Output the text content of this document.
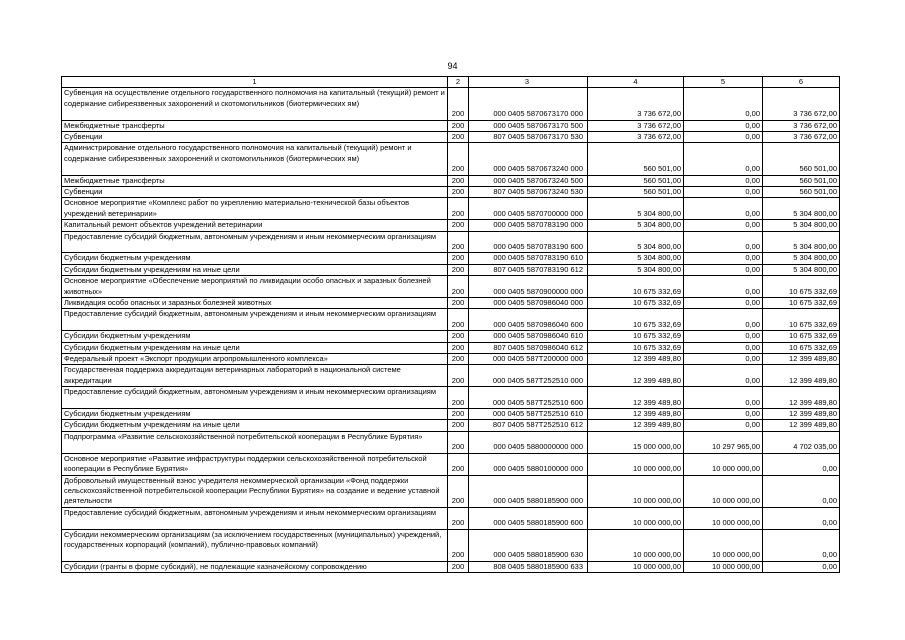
94
1	2	3	4	5	6
Субвенция на осуществление отдельного государственного полномочия на капитальный (текущий) ремонт и содержание сибиреязвенных захоронений и скотомогильников (биотермических ям)	200	000 0405 5870673170 000	3 736 672,00	0,00	3 736 672,00
Межбюджетные трансферты	200	000 0405 5870673170 500	3 736 672,00	0,00	3 736 672,00
Субвенции	200	807 0405 5870673170 530	3 736 672,00	0,00	3 736 672,00
Администрирование отдельного государственного полномочия на капитальный (текущий) ремонт и содержание сибиреязвенных захоронений и скотомогильников (биотермических ям)	200	000 0405 5870673240 000	560 501,00	0,00	560 501,00
Межбюджетные трансферты	200	000 0405 5870673240 500	560 501,00	0,00	560 501,00
Субвенции	200	807 0405 5870673240 530	560 501,00	0,00	560 501,00
Основное мероприятие «Комплекс работ по укреплению материально-технической базы объектов учреждений ветеринарии»	200	000 0405 5870700000 000	5 304 800,00	0,00	5 304 800,00
Капитальный ремонт объектов учреждений ветеринарии	200	000 0405 5870783190 000	5 304 800,00	0,00	5 304 800,00
Предоставление субсидий бюджетным, автономным учреждениям и иным некоммерческим организациям	200	000 0405 5870783190 600	5 304 800,00	0,00	5 304 800,00
Субсидии бюджетным учреждениям	200	000 0405 5870783190 610	5 304 800,00	0,00	5 304 800,00
Субсидии бюджетным учреждениям на иные цели	200	807 0405 5870783190 612	5 304 800,00	0,00	5 304 800,00
Основное мероприятие «Обеспечение мероприятий по ликвидации особо опасных и заразных болезней животных»	200	000 0405 5870900000 000	10 675 332,69	0,00	10 675 332,69
Ликвидация особо опасных и заразных болезней животных	200	000 0405 5870986040 000	10 675 332,69	0,00	10 675 332,69
Предоставление субсидий бюджетным, автономным учреждениям и иным некоммерческим организациям	200	000 0405 5870986040 600	10 675 332,69	0,00	10 675 332,69
Субсидии бюджетным учреждениям	200	000 0405 5870986040 610	10 675 332,69	0,00	10 675 332,69
Субсидии бюджетным учреждениям на иные цели	200	807 0405 5870986040 612	10 675 332,69	0,00	10 675 332,69
Федеральный проект «Экспорт продукции агропромышленного комплекса»	200	000 0405 587T200000 000	12 399 489,80	0,00	12 399 489,80
Государственная поддержка аккредитации ветеринарных лабораторий в национальной системе аккредитации	200	000 0405 587T252510 000	12 399 489,80	0,00	12 399 489,80
Предоставление субсидий бюджетным, автономным учреждениям и иным некоммерческим организациям	200	000 0405 587T252510 600	12 399 489,80	0,00	12 399 489,80
Субсидии бюджетным учреждениям	200	000 0405 587T252510 610	12 399 489,80	0,00	12 399 489,80
Субсидии бюджетным учреждениям на иные цели	200	807 0405 587T252510 612	12 399 489,80	0,00	12 399 489,80
Подпрограмма «Развитие сельскохозяйственной потребительской кооперации в Республике Бурятия»	200	000 0405 5880000000 000	15 000 000,00	10 297 965,00	4 702 035,00
Основное мероприятие «Развитие инфраструктуры поддержки сельскохозяйственной потребительской кооперации в Республике Бурятия»	200	000 0405 5880100000 000	10 000 000,00	10 000 000,00	0,00
Добровольный имущественный взнос учредителя некоммерческой организации «Фонд поддержки сельскохозяйственной потребительской кооперации Республики Бурятия» на создание и ведение уставной деятельности	200	000 0405 5880185900 000	10 000 000,00	10 000 000,00	0,00
Предоставление субсидий бюджетным, автономным учреждениям и иным некоммерческим организациям	200	000 0405 5880185900 600	10 000 000,00	10 000 000,00	0,00
Субсидии некоммерческим организациям (за исключением государственных (муниципальных) учреждений, государственных корпораций (компаний), публично-правовых компаний)	200	000 0405 5880185900 630	10 000 000,00	10 000 000,00	0,00
Субсидии (гранты в форме субсидий), не подлежащие казначейскому сопровождению	200	808 0405 5880185900 633	10 000 000,00	10 000 000,00	0,00
